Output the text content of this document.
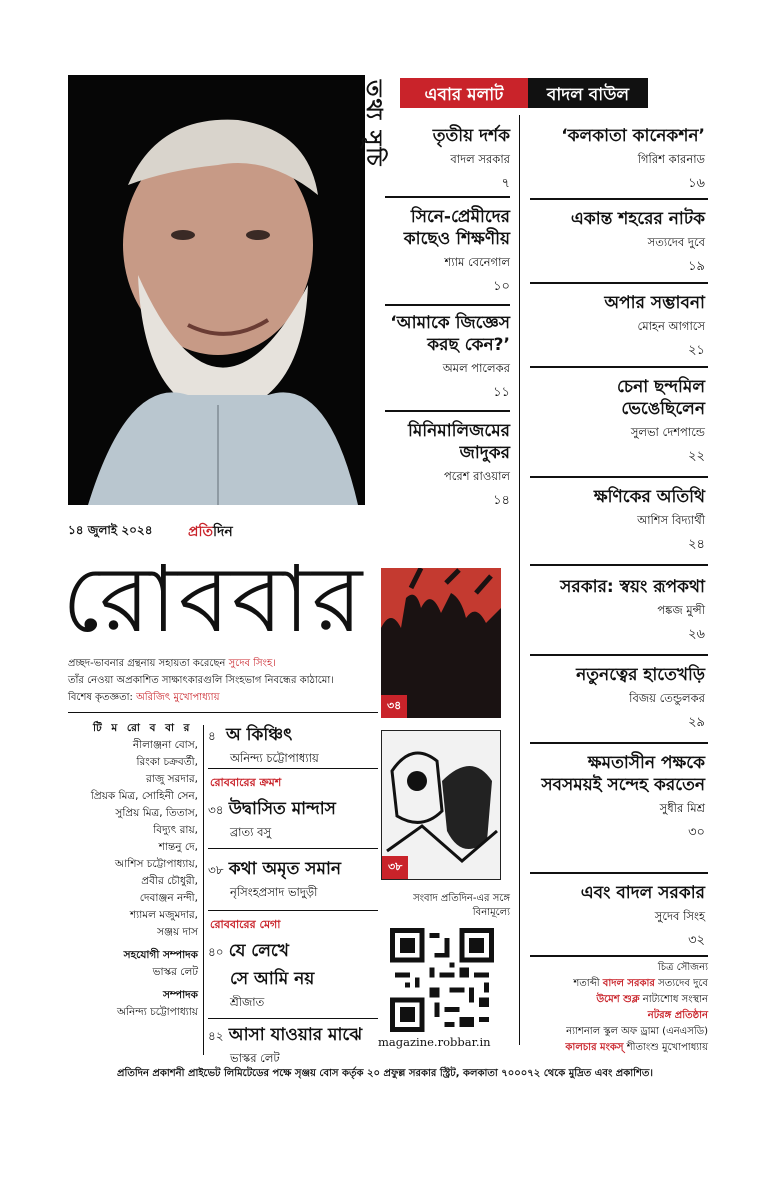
তথ্য সূচি	এবার মলাট	বাদল বাউল
তৃতীয় দর্শক
বাদল সরকার
৭
সিনে-প্রেমীদের কাছেও শিক্ষণীয়
শ্যাম বেনেগাল
১০
‘আমাকে জিজ্ঞেস করছ কেন?’
অমল পালেকর
১১
মিনিমালিজমের জাদুকর
পরেশ রাওয়াল
১৪
‘কলকাতা কানেকশন’
গিরিশ কারনাড
১৬
একান্ত শহরের নাটক
সত্যদেব দুবে
১৯
অপার সম্ভাবনা
মোহন আগাসে
২১
চেনা ছন্দমিল ভেঙেছিলেন
সুলভা দেশপান্ডে
২২
ক্ষণিকের অতিথি
আশিস বিদ্যার্থী
২৪
সরকার: স্বয়ং রূপকথা
পঙ্কজ মুন্সী
২৬
নতুনত্বের হাতেখড়ি
বিজয় তেন্ডুলকর
২৯
ক্ষমতাসীন পক্ষকে সবসময়ই সন্দেহ করতেন
সুধীর মিশ্র
৩০
এবং বাদল সরকার
সুদেব সিংহ
৩২
চিত্র সৌজন্য
শতাব্দী বাদল সরকার সত্যদেব দুবে
উমেশ শুক্ল নাট্যশোধ সংস্থান
নটরঙ্গ প্রতিষ্ঠান
ন্যাশনাল স্কুল অফ ড্রামা (এনএসডি)
কালচার মংকস্‌ শীতাংশু মুখোপাধ্যায়
১৪ জুলাই ২০২৪	প্রতিদিন
রোববার
প্রচ্ছদ-ভাবনার গ্রন্থনায় সহায়তা করেছেন সুদেব সিংহ।
তাঁর নেওয়া অপ্রকাশিত সাক্ষাৎকারগুলি সিংহভাগ নিবন্ধের কাঠামো।
বিশেষ কৃতজ্ঞতা: অরিজিৎ মুখোপাধ্যায়
টি ম রো ব বা র
নীলাঞ্জনা বোস,
রিংকা চক্রবর্তী,
রাজু সরদার,
প্রিয়ক মিত্র, সোহিনী সেন,
সুপ্রিয় মিত্র, তিতাস,
বিদ্যুৎ রায়,
শান্তনু দে,
আশিস চট্টোপাধ্যায়,
প্রবীর চৌধুরী,
দেবাঞ্জন নন্দী,
শ্যামল মজুমদার,
সঞ্জয় দাস
সহযোগী সম্পাদক
ভাস্কর লেট
সম্পাদক
অনিন্দ্য চট্টোপাধ্যায়
৪ অ কিঞ্চিৎ
অনিন্দ্য চট্টোপাধ্যায়
রোববারের ক্রমশ
৩৪ উদ্বাসিত মান্দাস
ব্রাত্য বসু
৩৮ কথা অমৃত সমান
নৃসিংহপ্রসাদ ভাদুড়ী
রোববারের মেগা
৪০ যে লেখে
সে আমি নয়
শ্রীজাত
৪২ আসা যাওয়ার মাঝে
ভাস্কর লেট
৩৪
৩৮
সংবাদ প্রতিদিন-এর সঙ্গে বিনামূল্যে
magazine.robbar.in
প্রতিদিন প্রকাশনী প্রাইভেট লিমিটেডের পক্ষে সৃঞ্জয় বোস কর্তৃক ২০ প্রফুল্ল সরকার স্ট্রিট, কলকাতা ৭০০০৭২ থেকে মুদ্রিত এবং প্রকাশিত।
